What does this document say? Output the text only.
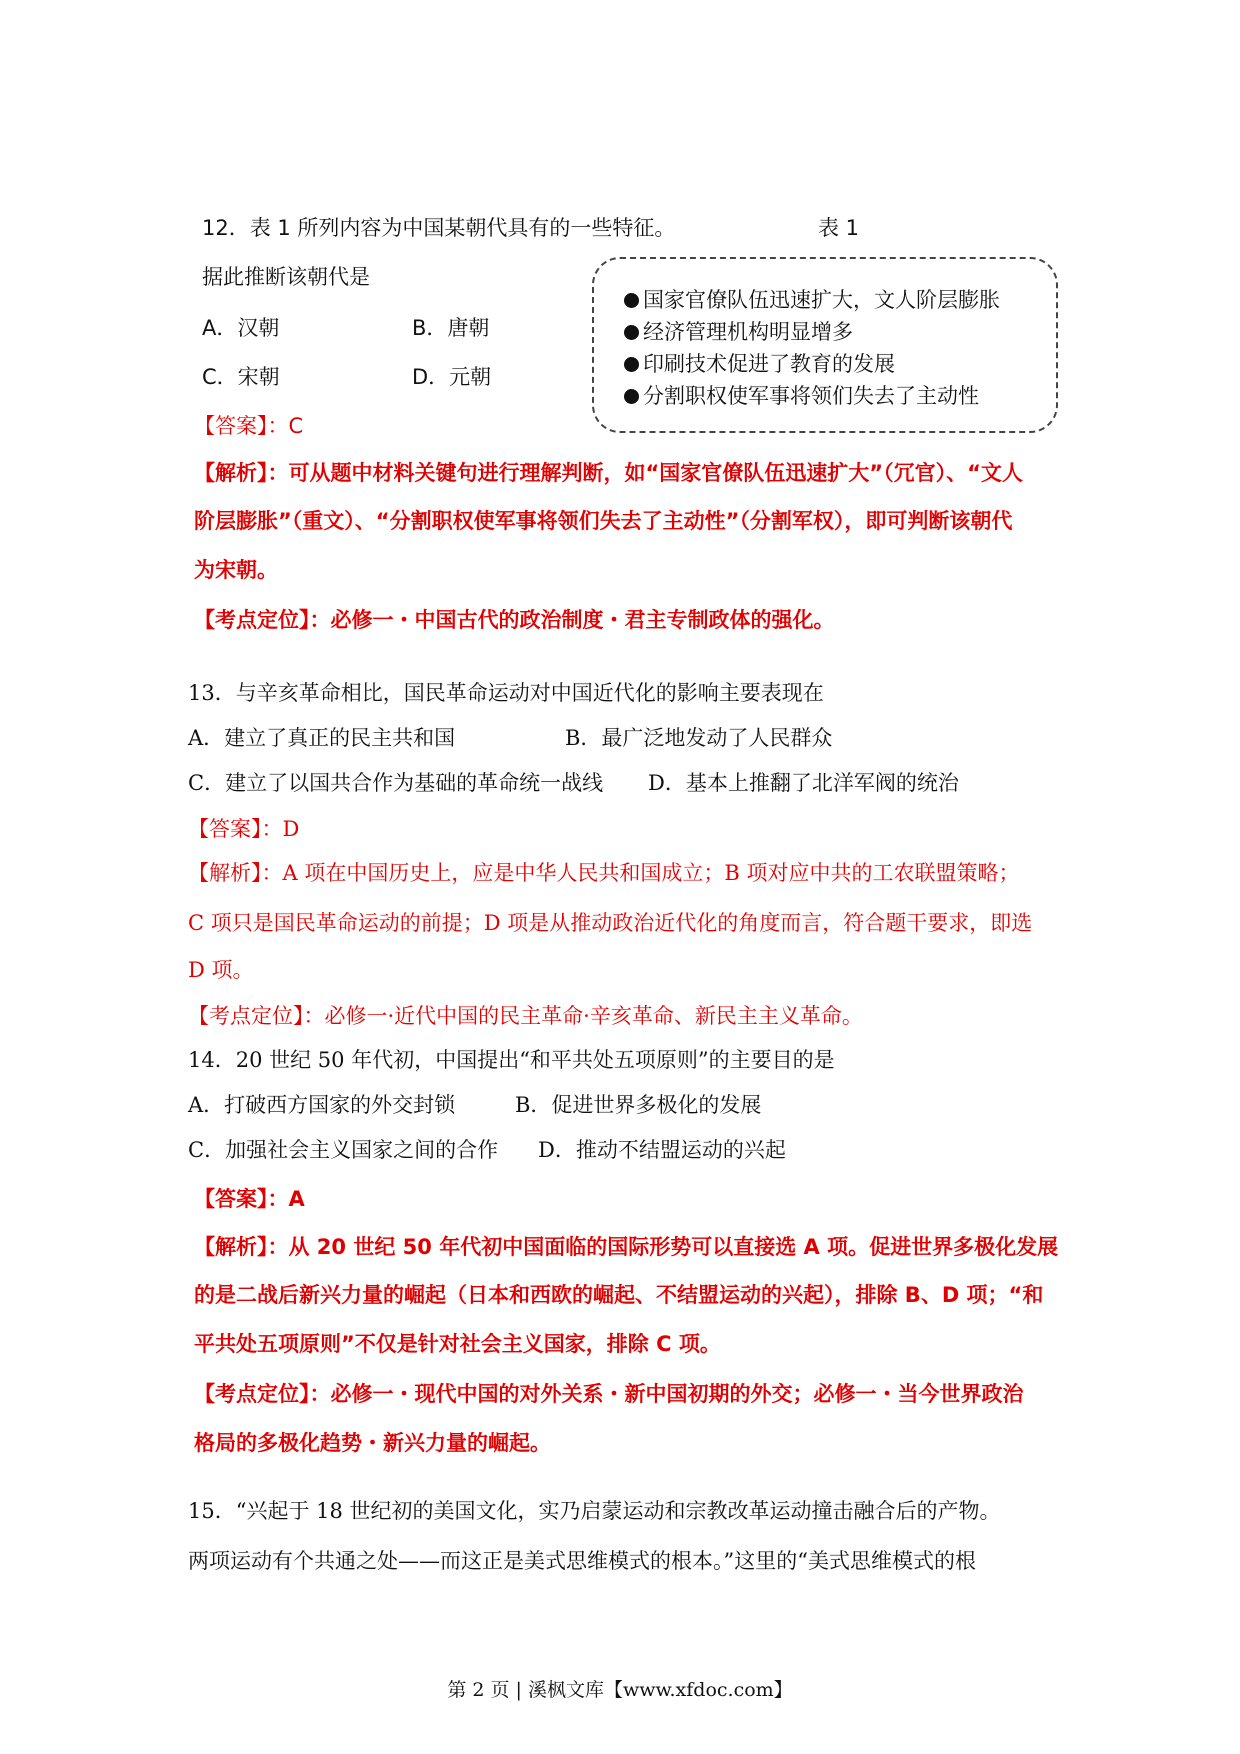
12．表 1 所列内容为中国某朝代具有的一些特征。	表 1
据此推断该朝代是
A．汉朝	B．唐朝
C．宋朝	D．元朝
国家官僚队伍迅速扩大，文人阶层膨胀
经济管理机构明显增多
印刷技术促进了教育的发展
分割职权使军事将领们失去了主动性
【答案】：C
【解析】：可从题中材料关键句进行理解判断，如“国家官僚队伍迅速扩大”（冗官）、“文人
阶层膨胀”（重文）、“分割职权使军事将领们失去了主动性”（分割军权），即可判断该朝代
为宋朝。
【考点定位】：必修一・中国古代的政治制度・君主专制政体的强化。
13．与辛亥革命相比，国民革命运动对中国近代化的影响主要表现在
A．建立了真正的民主共和国	B．最广泛地发动了人民群众
C．建立了以国共合作为基础的革命统一战线 D．基本上推翻了北洋军阀的统治
【答案】：D
【解析】：A 项在中国历史上，应是中华人民共和国成立；B 项对应中共的工农联盟策略；
C 项只是国民革命运动的前提；D 项是从推动政治近代化的角度而言，符合题干要求，即选
D 项。
【考点定位】：必修一·近代中国的民主革命·辛亥革命、新民主主义革命。
14．20 世纪 50 年代初，中国提出“和平共处五项原则”的主要目的是
A．打破西方国家的外交封锁	B．促进世界多极化的发展
C．加强社会主义国家之间的合作 D．推动不结盟运动的兴起
【答案】：A
【解析】：从 20 世纪 50 年代初中国面临的国际形势可以直接选 A 项。促进世界多极化发展
的是二战后新兴力量的崛起（日本和西欧的崛起、不结盟运动的兴起），排除 B、D 项；“和
平共处五项原则”不仅是针对社会主义国家，排除 C 项。
【考点定位】：必修一・现代中国的对外关系・新中国初期的外交；必修一・当今世界政治
格局的多极化趋势・新兴力量的崛起。
15．“兴起于 18 世纪初的美国文化，实乃启蒙运动和宗教改革运动撞击融合后的产物。
两项运动有个共通之处——而这正是美式思维模式的根本。”这里的“美式思维模式的根
第 2 页 | 溪枫文库【www.xfdoc.com】
